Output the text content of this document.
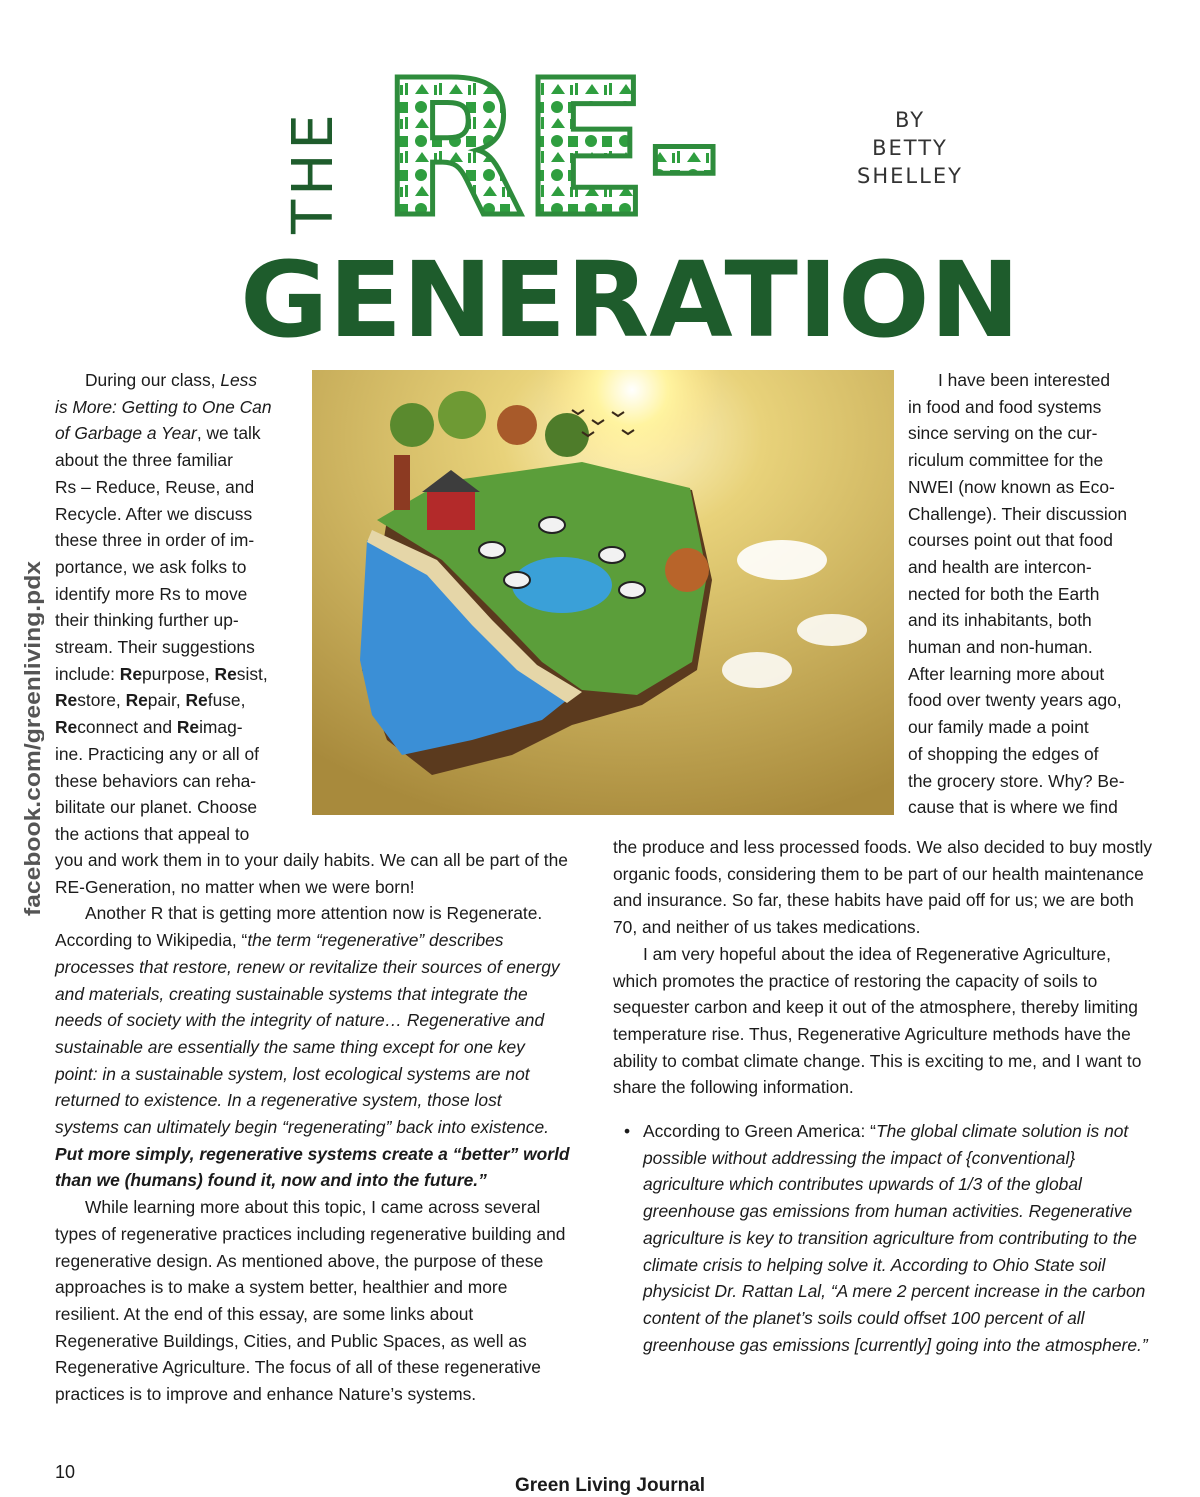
THE RE-	BY
BETTY
SHELLEY
GENERATION
facebook.com/greenliving.pdx

During our class, Less

is More: Getting to One Can

of Garbage a Year, we talk

about the three familiar

Rs – Reduce, Reuse, and

Recycle. After we discuss

these three in order of im-

portance, we ask folks to

identify more Rs to move

their thinking further up-

stream. Their suggestions

include: Repurpose, Resist,

Restore, Repair, Refuse,

Reconnect and Reimag-

ine. Practicing any or all of

these behaviors can reha-

bilitate our planet. Choose

the actions that appeal to

you and work them in to your daily habits. We can all be part of the RE-Generation, no matter when we were born!

Another R that is getting more attention now is Regenerate. According to Wikipedia, “the term “regenerative” describes processes that restore, renew or revitalize their sources of energy and materials, creating sustainable systems that integrate the needs of society with the integrity of nature… Regenerative and sustainable are essentially the same thing except for one key point: in a sustainable system, lost ecological systems are not returned to existence. In a regenerative system, those lost systems can ultimately begin “regenerating” back into existence. Put more simply, regenerative systems create a “better” world than we (humans) found it, now and into the future.”

While learning more about this topic, I came across several types of regenerative practices including regenerative building and regenerative design. As mentioned above, the purpose of these approaches is to make a system better, healthier and more resilient. At the end of this essay, are some links about Regenerative Buildings, Cities, and Public Spaces, as well as Regenerative Agriculture. The focus of all of these regenerative practices is to improve and enhance Nature’s systems.

I have been interested

in food and food systems

since serving on the cur-

riculum committee for the

NWEI (now known as Eco-

Challenge). Their discussion

courses point out that food

and health are intercon-

nected for both the Earth

and its inhabitants, both

human and non-human.

After learning more about

food over twenty years ago,

our family made a point

of shopping the edges of

the grocery store. Why? Be-

cause that is where we find

the produce and less processed foods. We also decided to buy mostly organic foods, considering them to be part of our health maintenance and insurance. So far, these habits have paid off for us; we are both 70, and neither of us takes medications.

I am very hopeful about the idea of Regenerative Agriculture, which promotes the practice of restoring the capacity of soils to sequester carbon and keep it out of the atmosphere, thereby limiting temperature rise. Thus, Regenerative Agriculture methods have the ability to combat climate change. This is exciting to me, and I want to share the following information.

• According to Green America: “The global climate solution is not possible without addressing the impact of {conventional} agriculture which contributes upwards of 1/3 of the global greenhouse gas emissions from human activities. Regenerative agriculture is key to transition agriculture from contributing to the climate crisis to helping solve it. According to Ohio State soil physicist Dr. Rattan Lal, “A mere 2 percent increase in the carbon content of the planet’s soils could offset 100 percent of all greenhouse gas emissions [currently] going into the atmosphere.”
10
Green Living Journal
